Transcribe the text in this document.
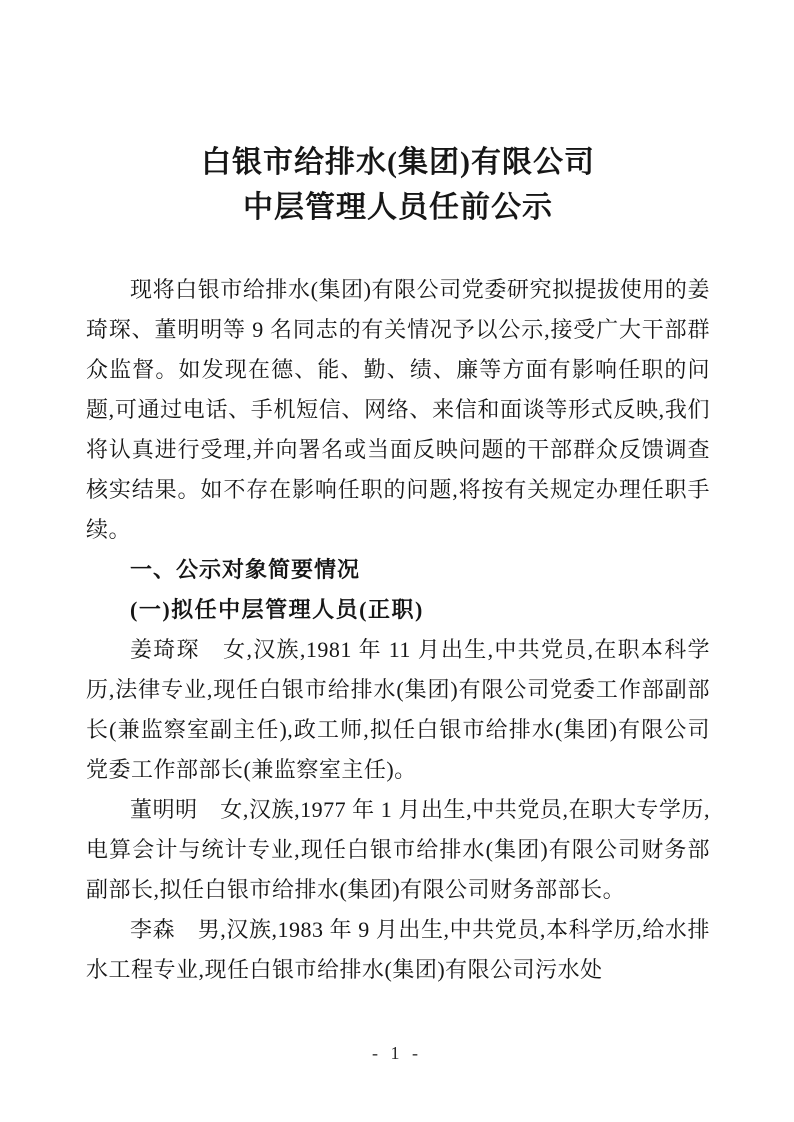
白银市给排水(集团)有限公司
中层管理人员任前公示

现将白银市给排水(集团)有限公司党委研究拟提拔使用的姜琦琛、董明明等 9 名同志的有关情况予以公示,接受广大干部群众监督。如发现在德、能、勤、绩、廉等方面有影响任职的问题,可通过电话、手机短信、网络、来信和面谈等形式反映,我们将认真进行受理,并向署名或当面反映问题的干部群众反馈调查核实结果。如不存在影响任职的问题,将按有关规定办理任职手续。

一、公示对象简要情况
(一)拟任中层管理人员(正职)

姜琦琛　女,汉族,1981 年 11 月出生,中共党员,在职本科学历,法律专业,现任白银市给排水(集团)有限公司党委工作部副部长(兼监察室副主任),政工师,拟任白银市给排水(集团)有限公司党委工作部部长(兼监察室主任)。

董明明　女,汉族,1977 年 1 月出生,中共党员,在职大专学历,电算会计与统计专业,现任白银市给排水(集团)有限公司财务部副部长,拟任白银市给排水(集团)有限公司财务部部长。

李森　男,汉族,1983 年 9 月出生,中共党员,本科学历,给水排水工程专业,现任白银市给排水(集团)有限公司污水处

- 1 -
